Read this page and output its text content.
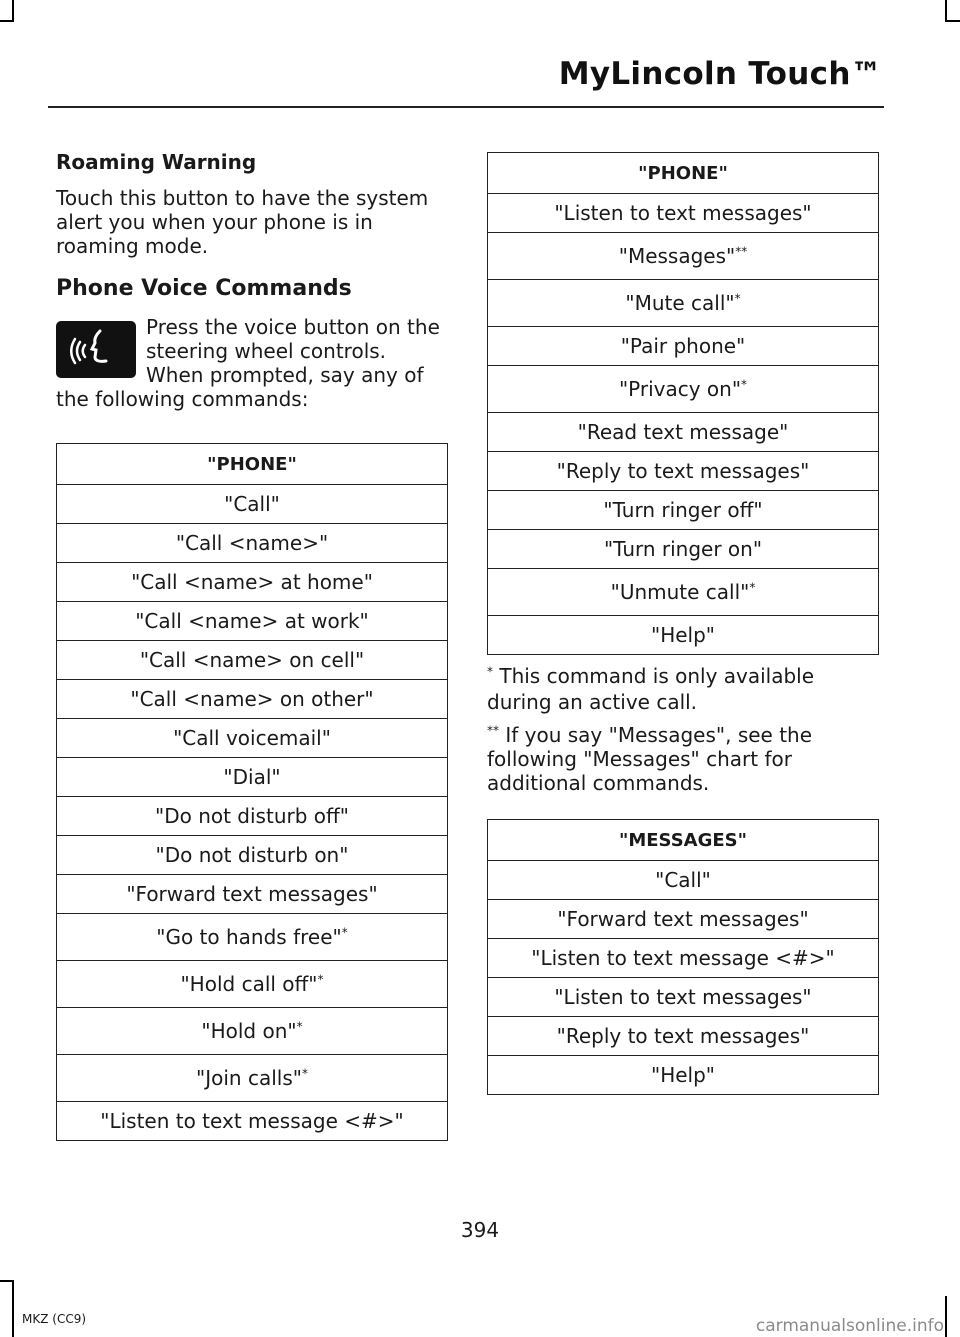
MyLincoln Touch™
Roaming Warning
Touch this button to have the system alert you when your phone is in roaming mode.
Phone Voice Commands
Press the voice button on the steering wheel controls. When prompted, say any of the following commands:
"PHONE"
"Call"
"Call <name>"
"Call <name> at home"
"Call <name> at work"
"Call <name> on cell"
"Call <name> on other"
"Call voicemail"
"Dial"
"Do not disturb off"
"Do not disturb on"
"Forward text messages"
"Go to hands free"*
"Hold call off"*
"Hold on"*
"Join calls"*
"Listen to text message <#>"
"PHONE"
"Listen to text messages"
"Messages"**
"Mute call"*
"Pair phone"
"Privacy on"*
"Read text message"
"Reply to text messages"
"Turn ringer off"
"Turn ringer on"
"Unmute call"*
"Help"
* This command is only available during an active call.
** If you say "Messages", see the following "Messages" chart for additional commands.
"MESSAGES"
"Call"
"Forward text messages"
"Listen to text message <#>"
"Listen to text messages"
"Reply to text messages"
"Help"
394
MKZ (CC9)	carmanualsonline.info
